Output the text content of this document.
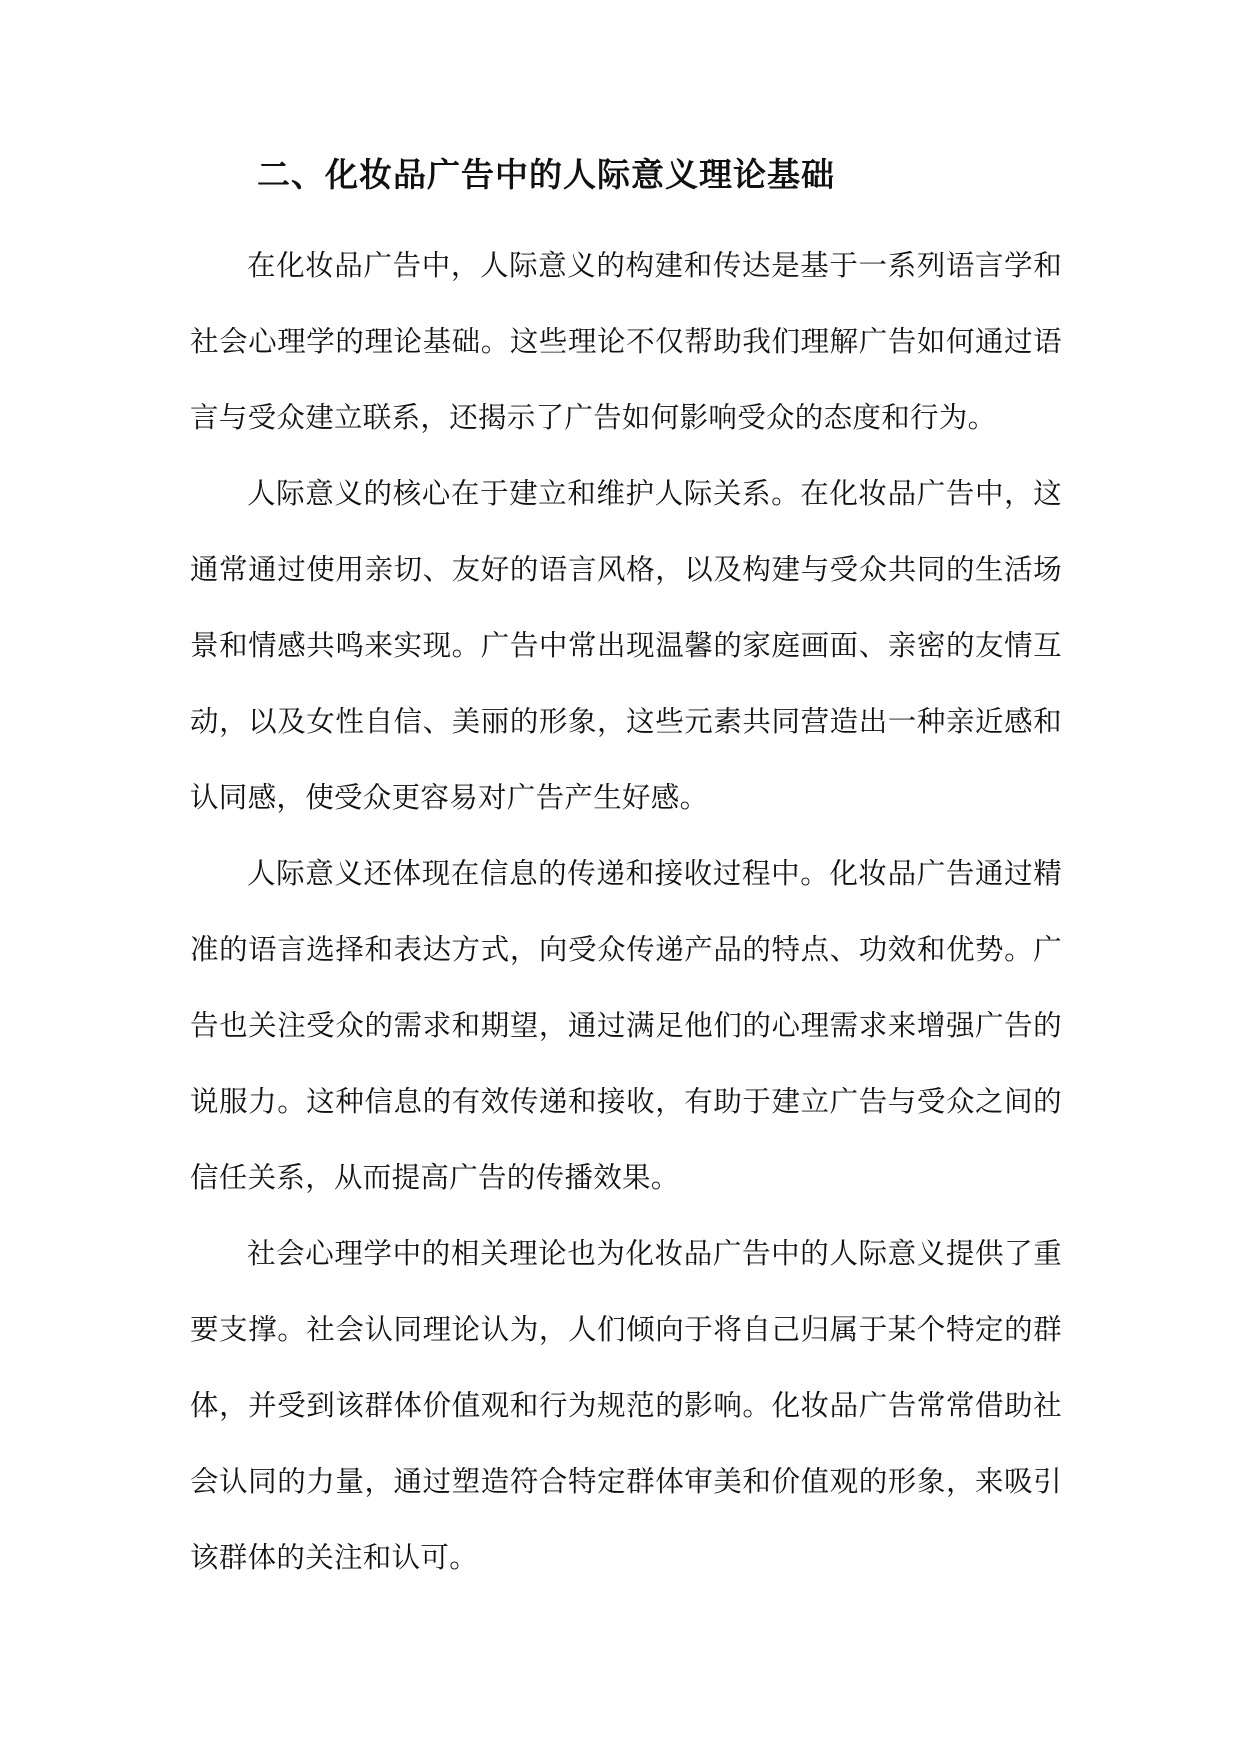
二、化妆品广告中的人际意义理论基础

在化妆品广告中，人际意义的构建和传达是基于一系列语言学和社会心理学的理论基础。这些理论不仅帮助我们理解广告如何通过语言与受众建立联系，还揭示了广告如何影响受众的态度和行为。

人际意义的核心在于建立和维护人际关系。在化妆品广告中，这通常通过使用亲切、友好的语言风格，以及构建与受众共同的生活场景和情感共鸣来实现。广告中常出现温馨的家庭画面、亲密的友情互动，以及女性自信、美丽的形象，这些元素共同营造出一种亲近感和认同感，使受众更容易对广告产生好感。

人际意义还体现在信息的传递和接收过程中。化妆品广告通过精准的语言选择和表达方式，向受众传递产品的特点、功效和优势。广告也关注受众的需求和期望，通过满足他们的心理需求来增强广告的说服力。这种信息的有效传递和接收，有助于建立广告与受众之间的信任关系，从而提高广告的传播效果。

社会心理学中的相关理论也为化妆品广告中的人际意义提供了重要支撑。社会认同理论认为，人们倾向于将自己归属于某个特定的群体，并受到该群体价值观和行为规范的影响。化妆品广告常常借助社会认同的力量，通过塑造符合特定群体审美和价值观的形象，来吸引该群体的关注和认可。
